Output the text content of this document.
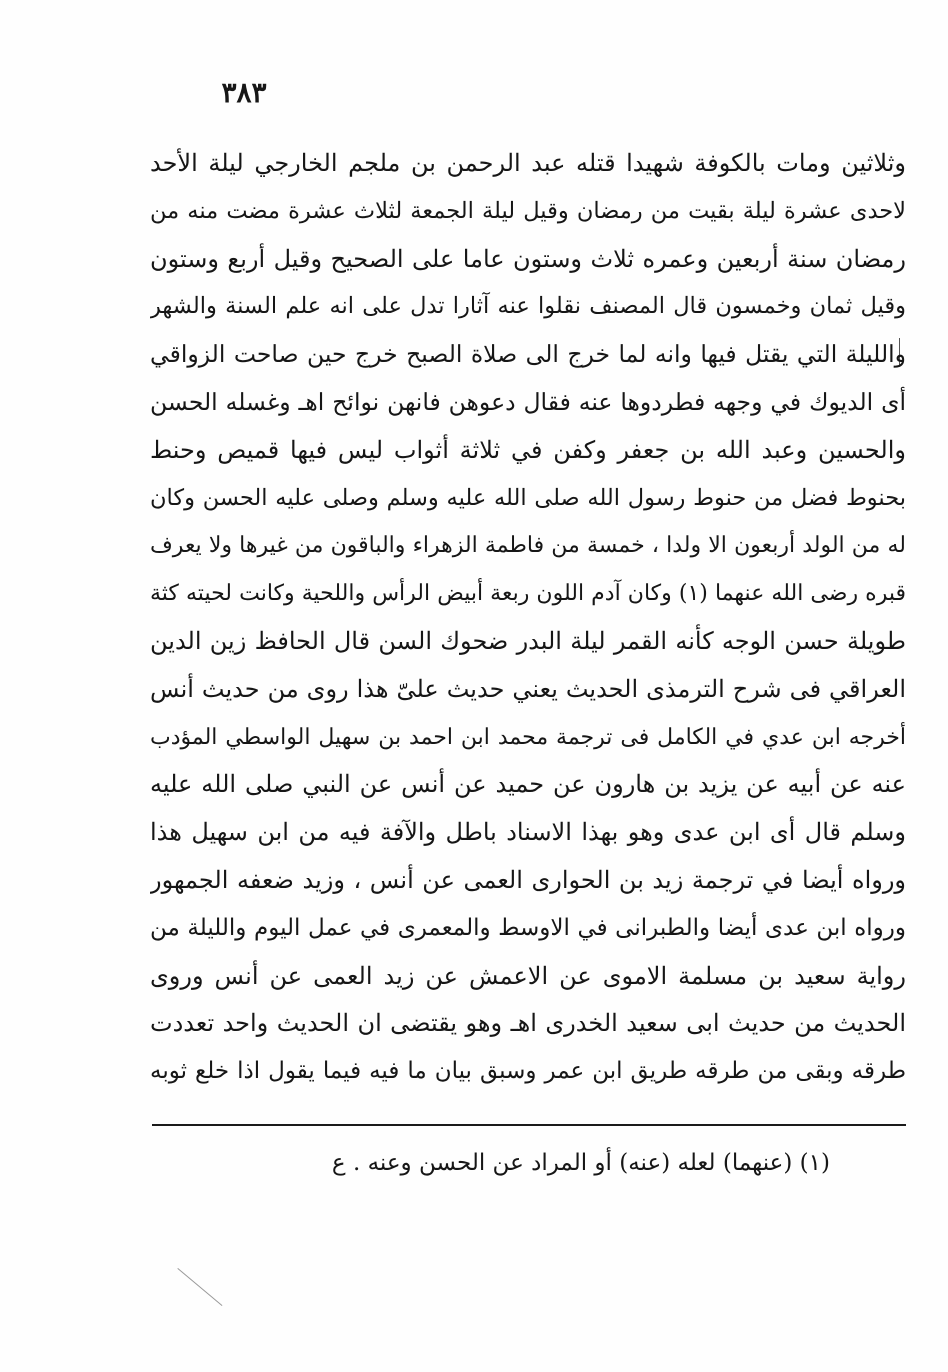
٣٨٣
وثلاثين ومات بالكوفة شهيدا قتله عبد الرحمن بن ملجم الخارجي ليلة الأحد
لاحدى عشرة ليلة بقيت من رمضان وقيل ليلة الجمعة لثلاث عشرة مضت منه من
رمضان سنة أربعين وعمره ثلاث وستون عاما على الصحيح وقيل أربع وستون
وقيل ثمان وخمسون قال المصنف نقلوا عنه آثارا تدل على انه علم السنة والشهر
والليلة التي يقتل فيها وانه لما خرج الى صلاة الصبح خرج حين صاحت الزواقي
أى الديوك في وجهه فطردوها عنه فقال دعوهن فانهن نوائح اهـ وغسله الحسن
والحسين وعبد الله بن جعفر وكفن في ثلاثة أثواب ليس فيها قميص وحنط
بحنوط فضل من حنوط رسول الله صلى الله عليه وسلم وصلى عليه الحسن وكان
له من الولد أربعون الا ولدا ، خمسة من فاطمة الزهراء والباقون من غيرها ولا يعرف
قبره رضى الله عنهما (١) وكان آدم اللون ربعة أبيض الرأس واللحية وكانت لحيته كثة
طويلة حسن الوجه كأنه القمر ليلة البدر ضحوك السن قال الحافظ زين الدين
العراقي فى شرح الترمذى الحديث يعني حديث علىّ هذا روى من حديث أنس
أخرجه ابن عدي في الكامل فى ترجمة محمد ابن احمد بن سهيل الواسطي المؤدب
عنه عن أبيه عن يزيد بن هارون عن حميد عن أنس عن النبي صلى الله عليه
وسلم قال أى ابن عدى وهو بهذا الاسناد باطل والآفة فيه من ابن سهيل هذا
ورواه أيضا في ترجمة زيد بن الحوارى العمى عن أنس ، وزيد ضعفه الجمهور
ورواه ابن عدى أيضا والطبرانى في الاوسط والمعمرى في عمل اليوم والليلة من
رواية سعيد بن مسلمة الاموى عن الاعمش عن زيد العمى عن أنس وروى
الحديث من حديث ابى سعيد الخدرى اهـ وهو يقتضى ان الحديث واحد تعددت
طرقه وبقى من طرقه طريق ابن عمر وسبق بيان ما فيه فيما يقول اذا خلع ثوبه
(١) (عنهما) لعله (عنه) أو المراد عن الحسن وعنه . ع
